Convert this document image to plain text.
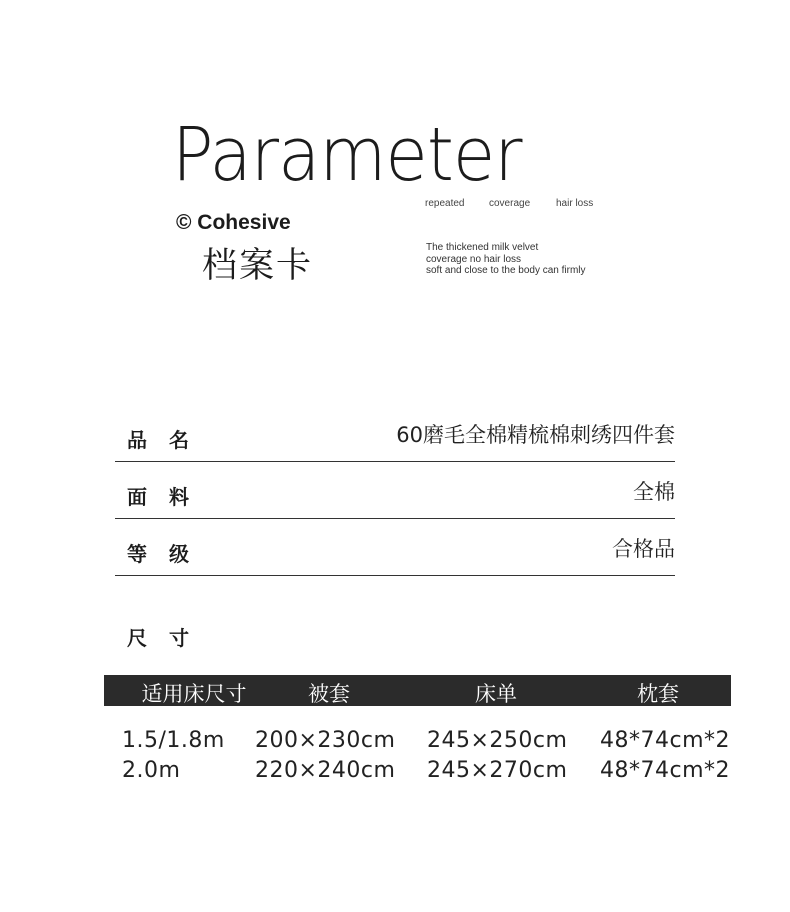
Parameter
repeated coverage	hair loss
© Cohesive
档案卡	The thickened milk velvet
coverage no hair loss
soft and close to the body can firmly
品名	60磨毛全棉精梳棉刺绣四件套
面料	全棉
等级	合格品
尺寸
适用床尺寸	被套	床单	枕套
1.5/1.8m 200×230cm 245×250cm 48*74cm*2
2.0m	220×240cm 245×270cm 48*74cm*2
